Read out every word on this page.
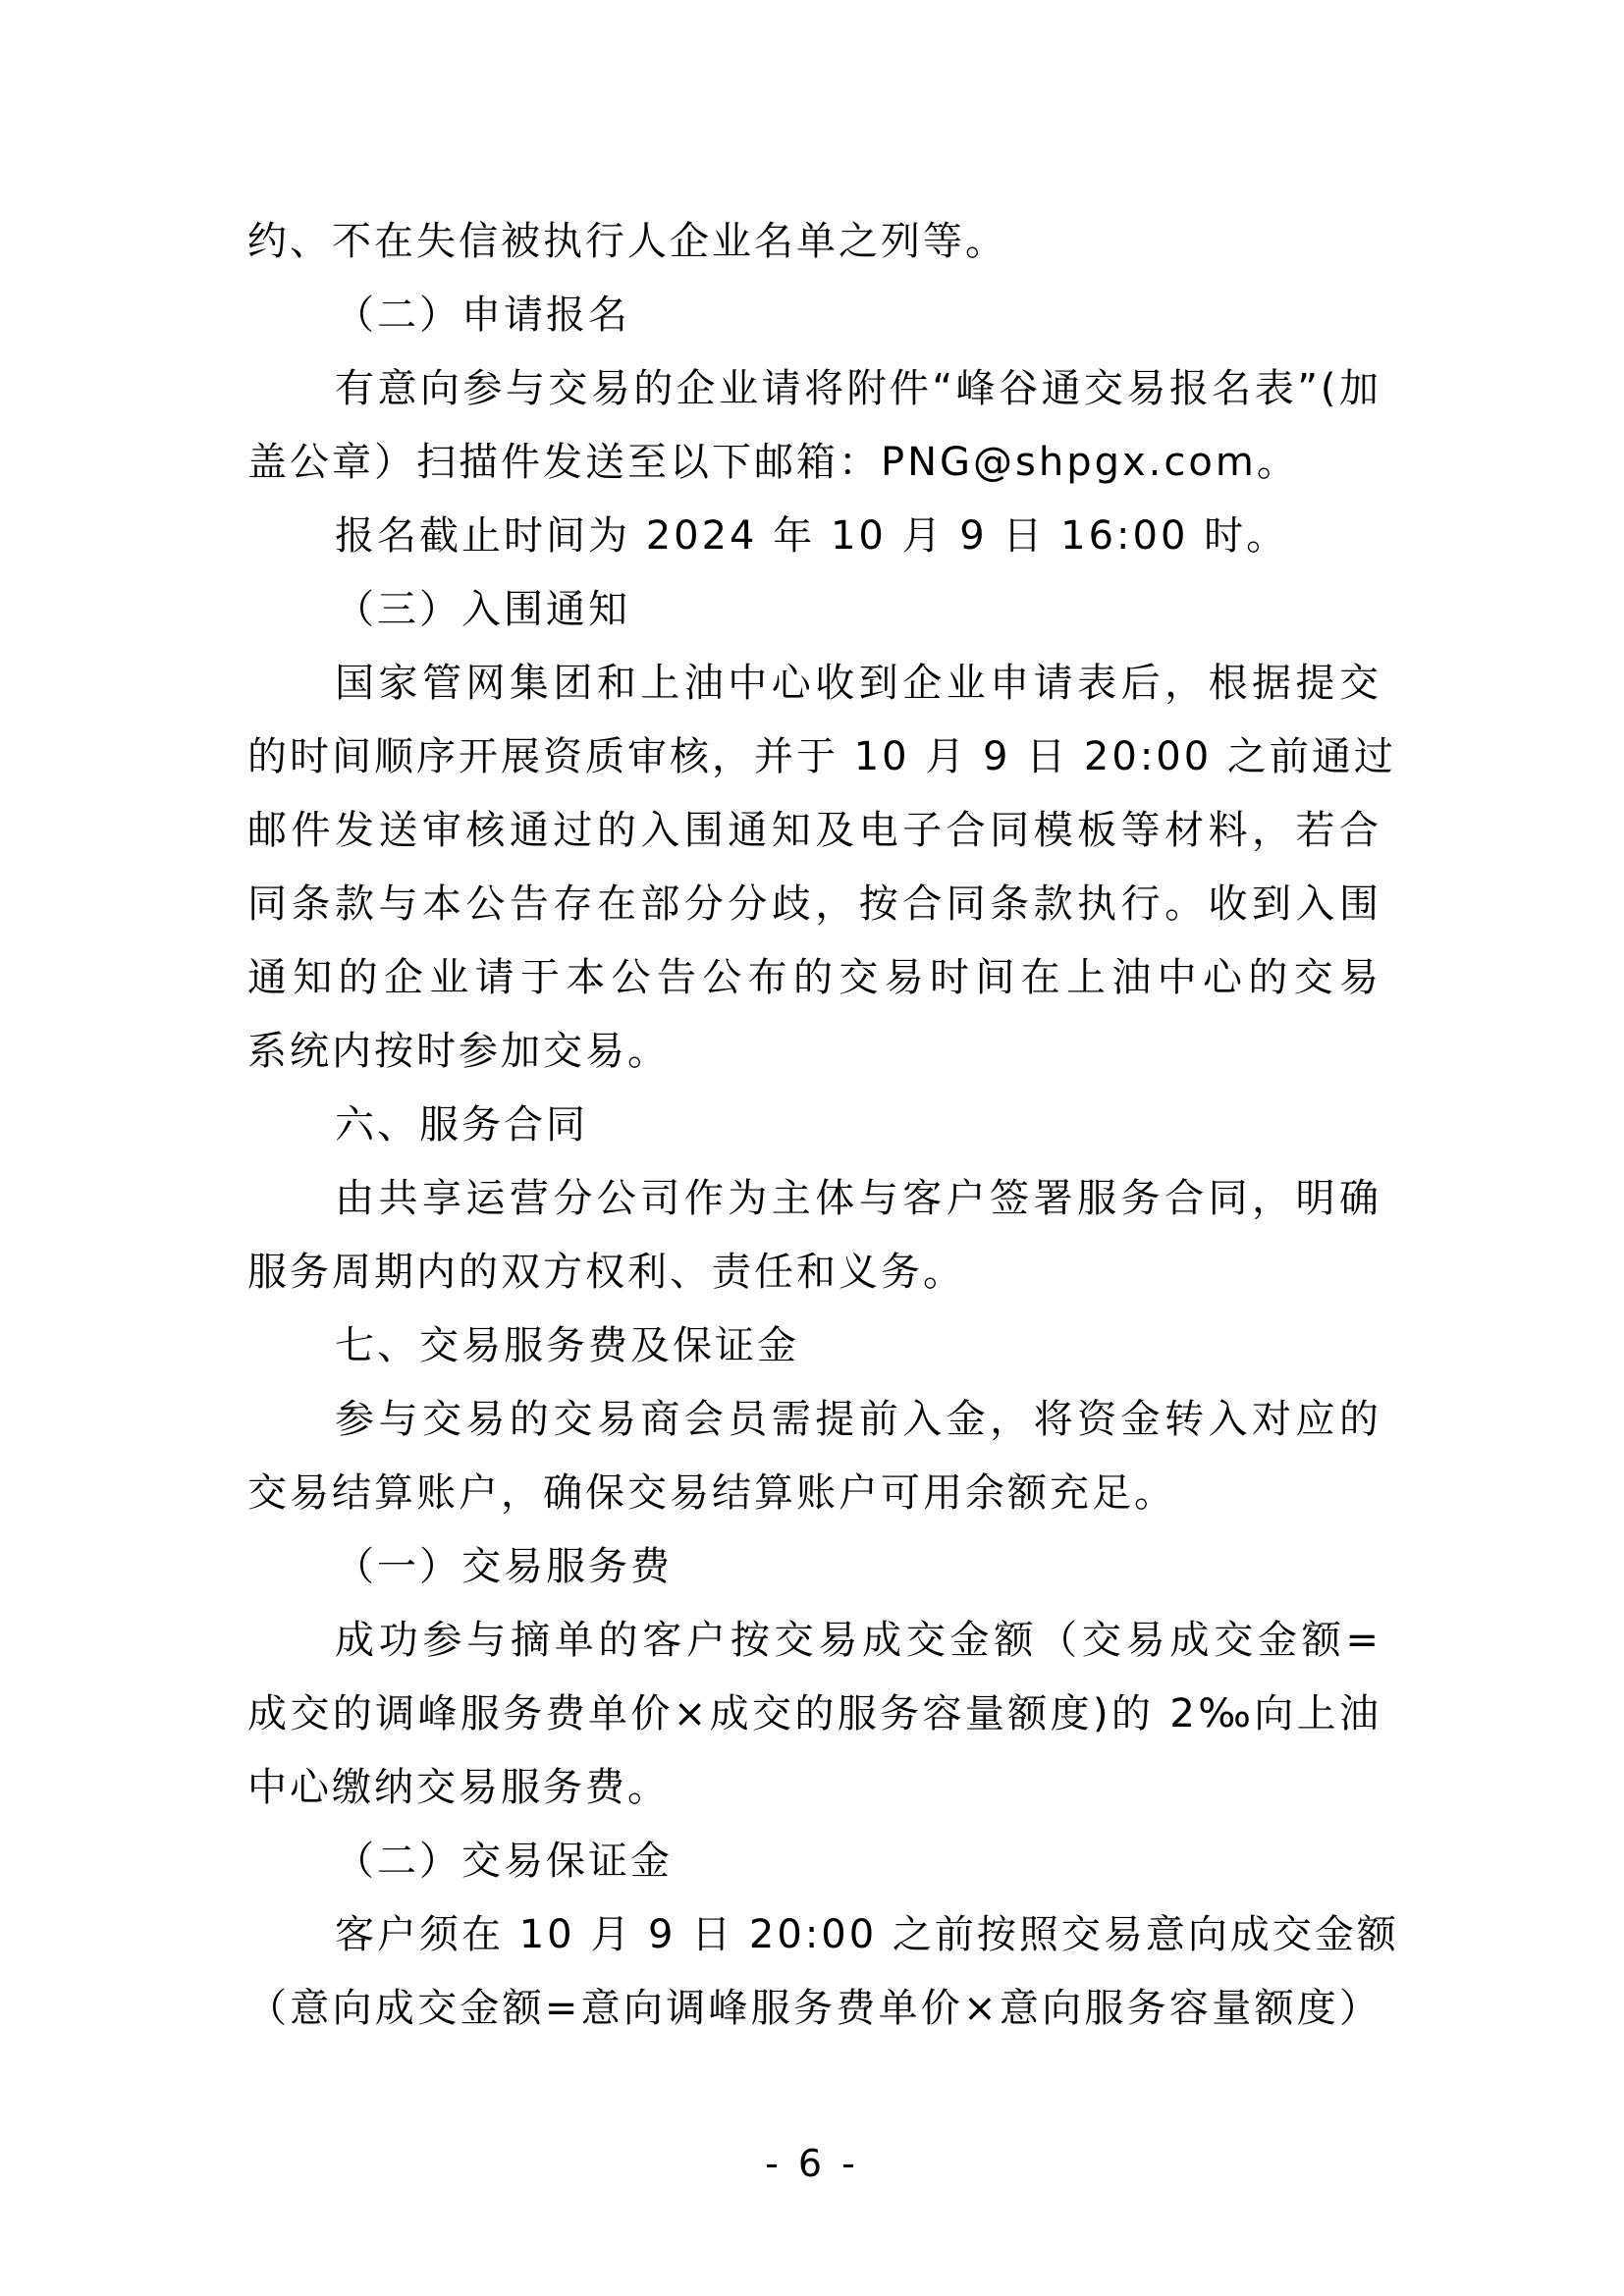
约、不在失信被执行人企业名单之列等。
（二）申请报名
有意向参与交易的企业请将附件“峰谷通交易报名表”(加
盖公章）扫描件发送至以下邮箱：PNG@shpgx.com。
报名截止时间为 2024 年 10 月 9 日 16:00 时。
（三）入围通知
国家管网集团和上油中心收到企业申请表后，根据提交
的时间顺序开展资质审核，并于 10 月 9 日 20:00 之前通过
邮件发送审核通过的入围通知及电子合同模板等材料，若合
同条款与本公告存在部分分歧，按合同条款执行。收到入围
通知的企业请于本公告公布的交易时间在上油中心的交易
系统内按时参加交易。
六、服务合同
由共享运营分公司作为主体与客户签署服务合同，明确
服务周期内的双方权利、责任和义务。
七、交易服务费及保证金
参与交易的交易商会员需提前入金，将资金转入对应的
交易结算账户，确保交易结算账户可用余额充足。
（一）交易服务费
成功参与摘单的客户按交易成交金额（交易成交金额=
成交的调峰服务费单价×成交的服务容量额度)的 2‰向上油
中心缴纳交易服务费。
（二）交易保证金
客户须在 10 月 9 日 20:00 之前按照交易意向成交金额
（意向成交金额=意向调峰服务费单价×意向服务容量额度）
- 6 -
